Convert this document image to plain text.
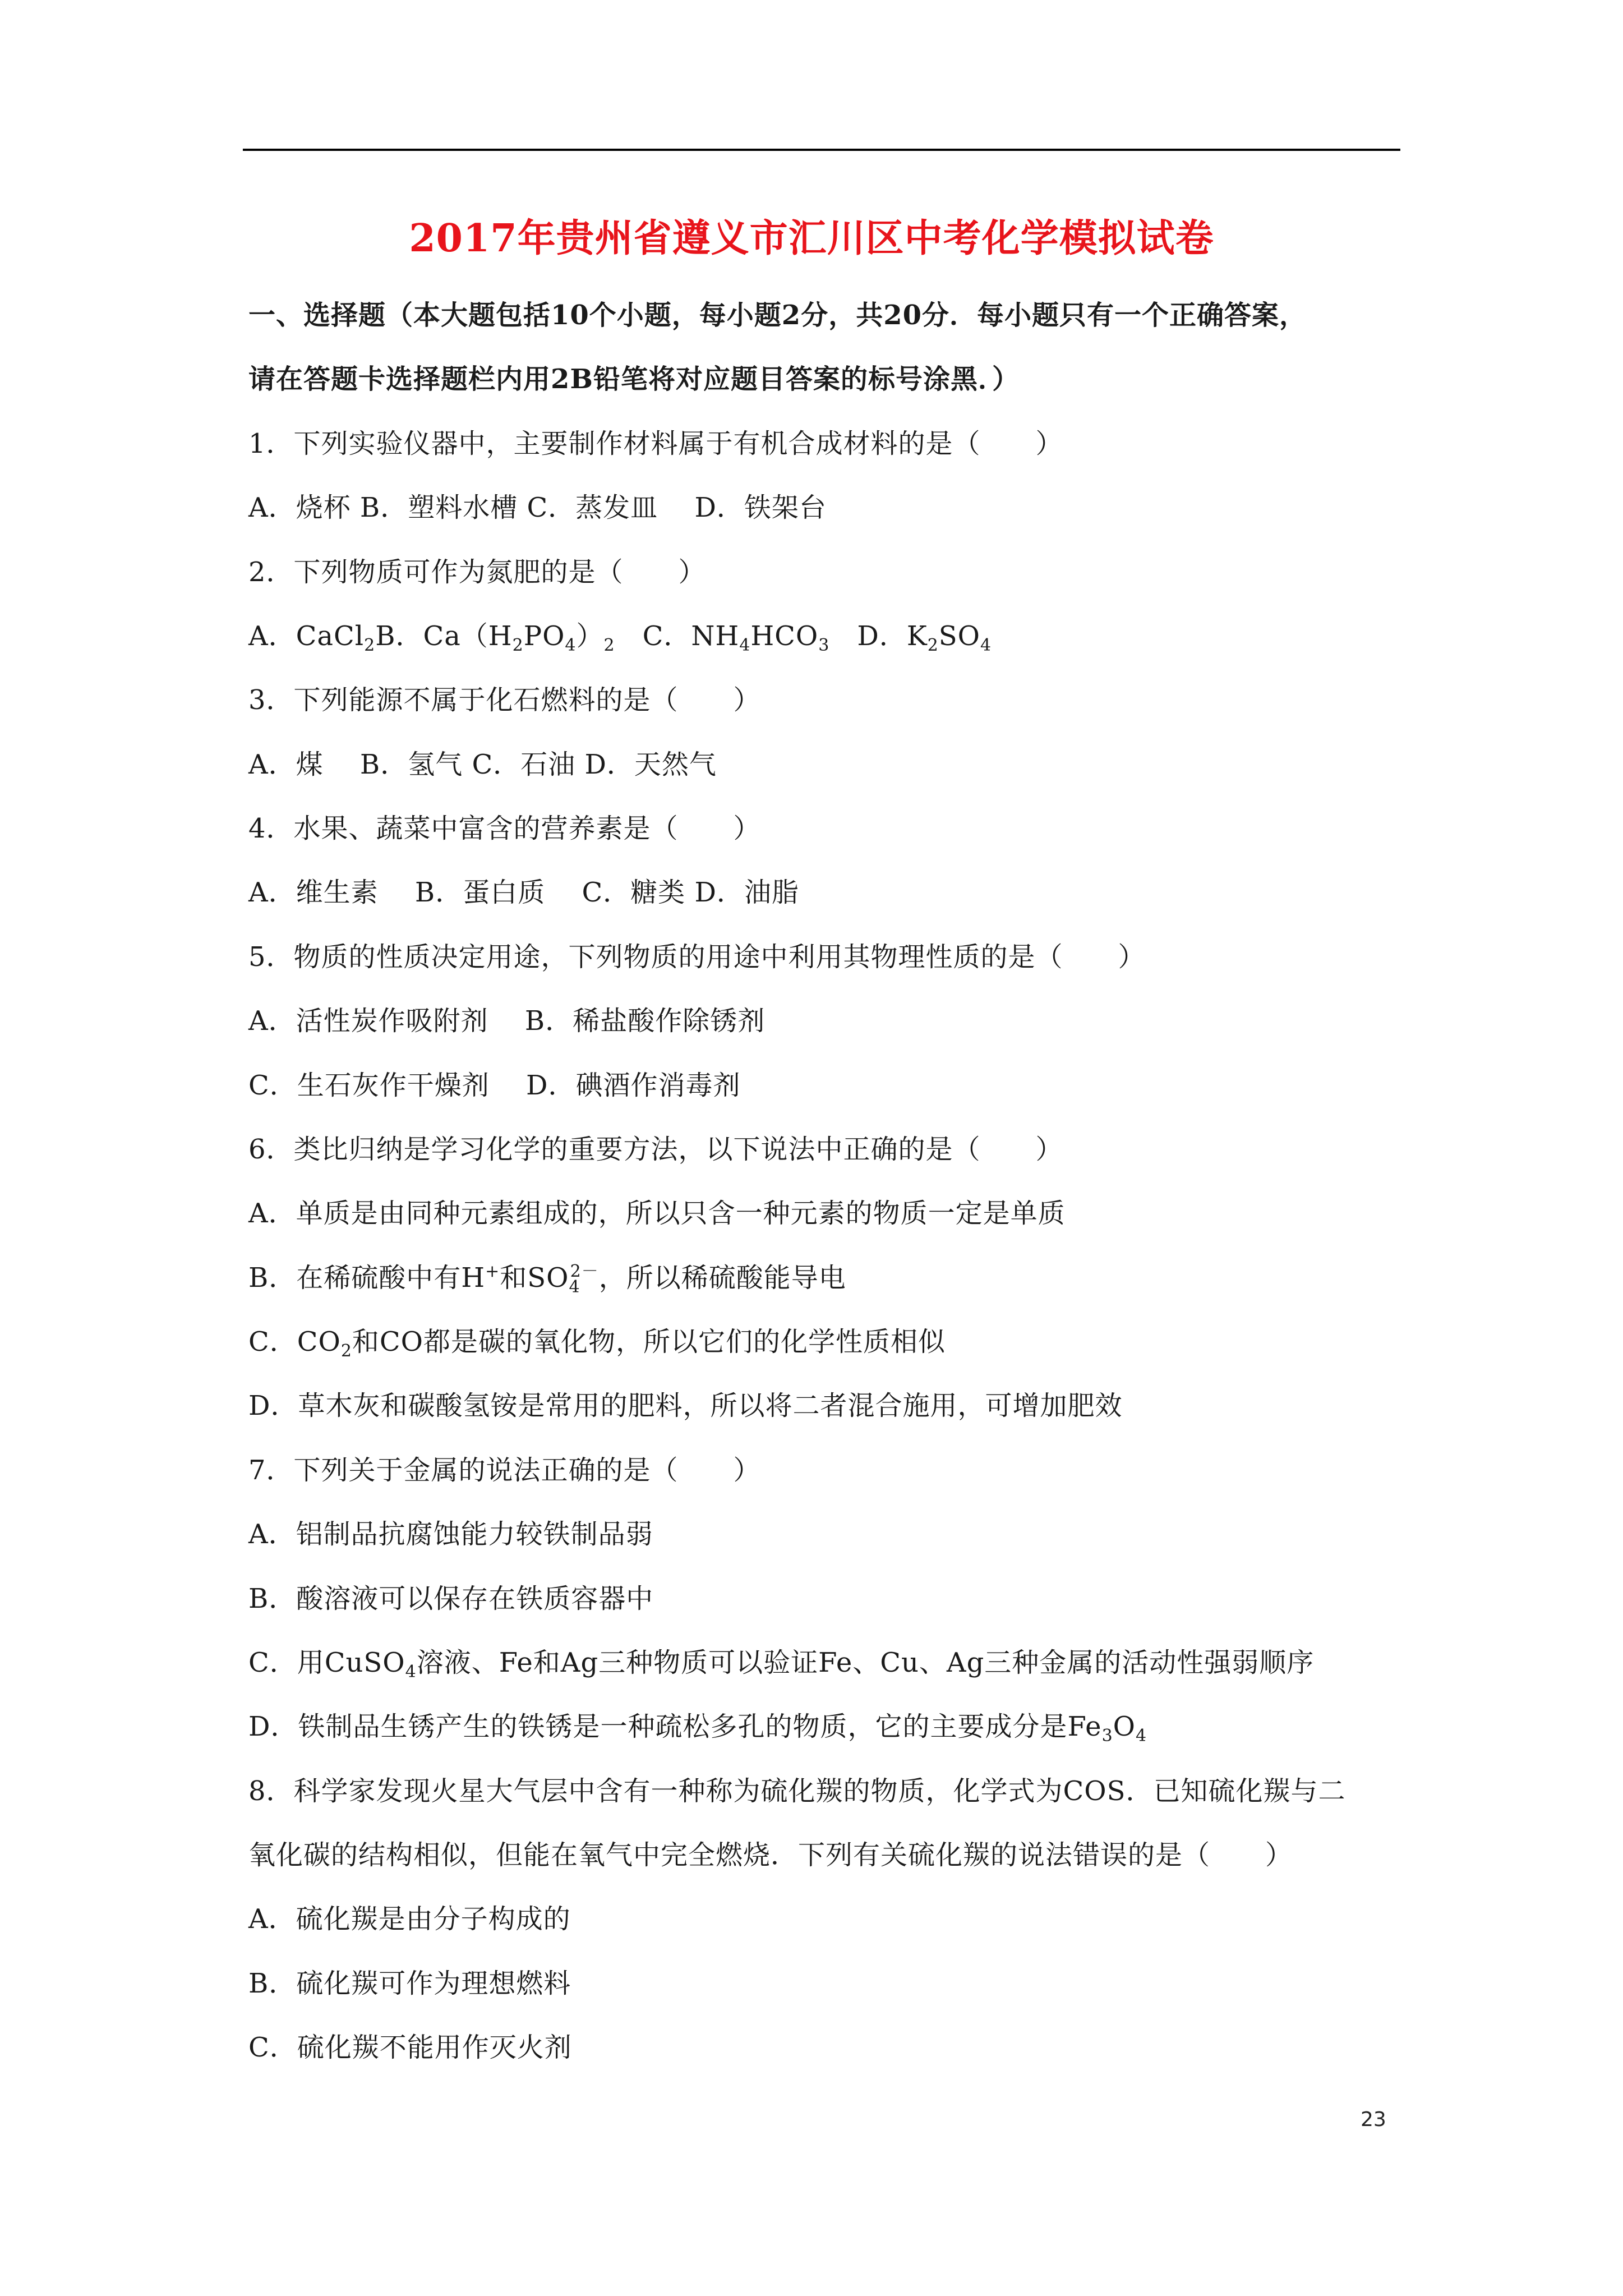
2017年贵州省遵义市汇川区中考化学模拟试卷
一、选择题（本大题包括10个小题，每小题2分，共20分．每小题只有一个正确答案，
请在答题卡选择题栏内用2B铅笔将对应题目答案的标号涂黑．）
1．下列实验仪器中，主要制作材料属于有机合成材料的是（　　）
A．烧杯 B．塑料水槽 C．蒸发皿　 D．铁架台
2．下列物质可作为氮肥的是（　　）
A．CaCl$_2$B．$Ca(H_2PO_4)_2$　C．$NH_4HCO_3$　D．$K_2SO_4$
3．下列能源不属于化石燃料的是（　　）
A．煤　 B．氢气 C．石油 D．天然气
4．水果、蔬菜中富含的营养素是（　　）
A．维生素　 B．蛋白质　 C．糖类 D．油脂
5．物质的性质决定用途，下列物质的用途中利用其物理性质的是（　　）
A．活性炭作吸附剂　 B．稀盐酸作除锈剂
C．生石灰作干燥剂　 D．碘酒作消毒剂
6．类比归纳是学习化学的重要方法，以下说法中正确的是（　　）
A．单质是由同种元素组成的，所以只含一种元素的物质一定是单质
B．在稀硫酸中有H+和$SO_4^{2-}$，所以稀硫酸能导电
C．$CO_2$和CO都是碳的氧化物，所以它们的化学性质相似
D．草木灰和碳酸氢铵是常用的肥料，所以将二者混合施用，可增加肥效
7．下列关于金属的说法正确的是（　　）
A．铝制品抗腐蚀能力较铁制品弱
B．酸溶液可以保存在铁质容器中
C．用CuSO$_4$溶液、Fe和Ag三种物质可以验证Fe、Cu、Ag三种金属的活动性强弱顺序
D．铁制品生锈产生的铁锈是一种疏松多孔的物质，它的主要成分是$Fe_3O_4$
8．科学家发现火星大气层中含有一种称为硫化羰的物质，化学式为COS．已知硫化羰与二
氧化碳的结构相似，但能在氧气中完全燃烧．下列有关硫化羰的说法错误的是（　　）
A．硫化羰是由分子构成的
B．硫化羰可作为理想燃料
C．硫化羰不能用作灭火剂
23
